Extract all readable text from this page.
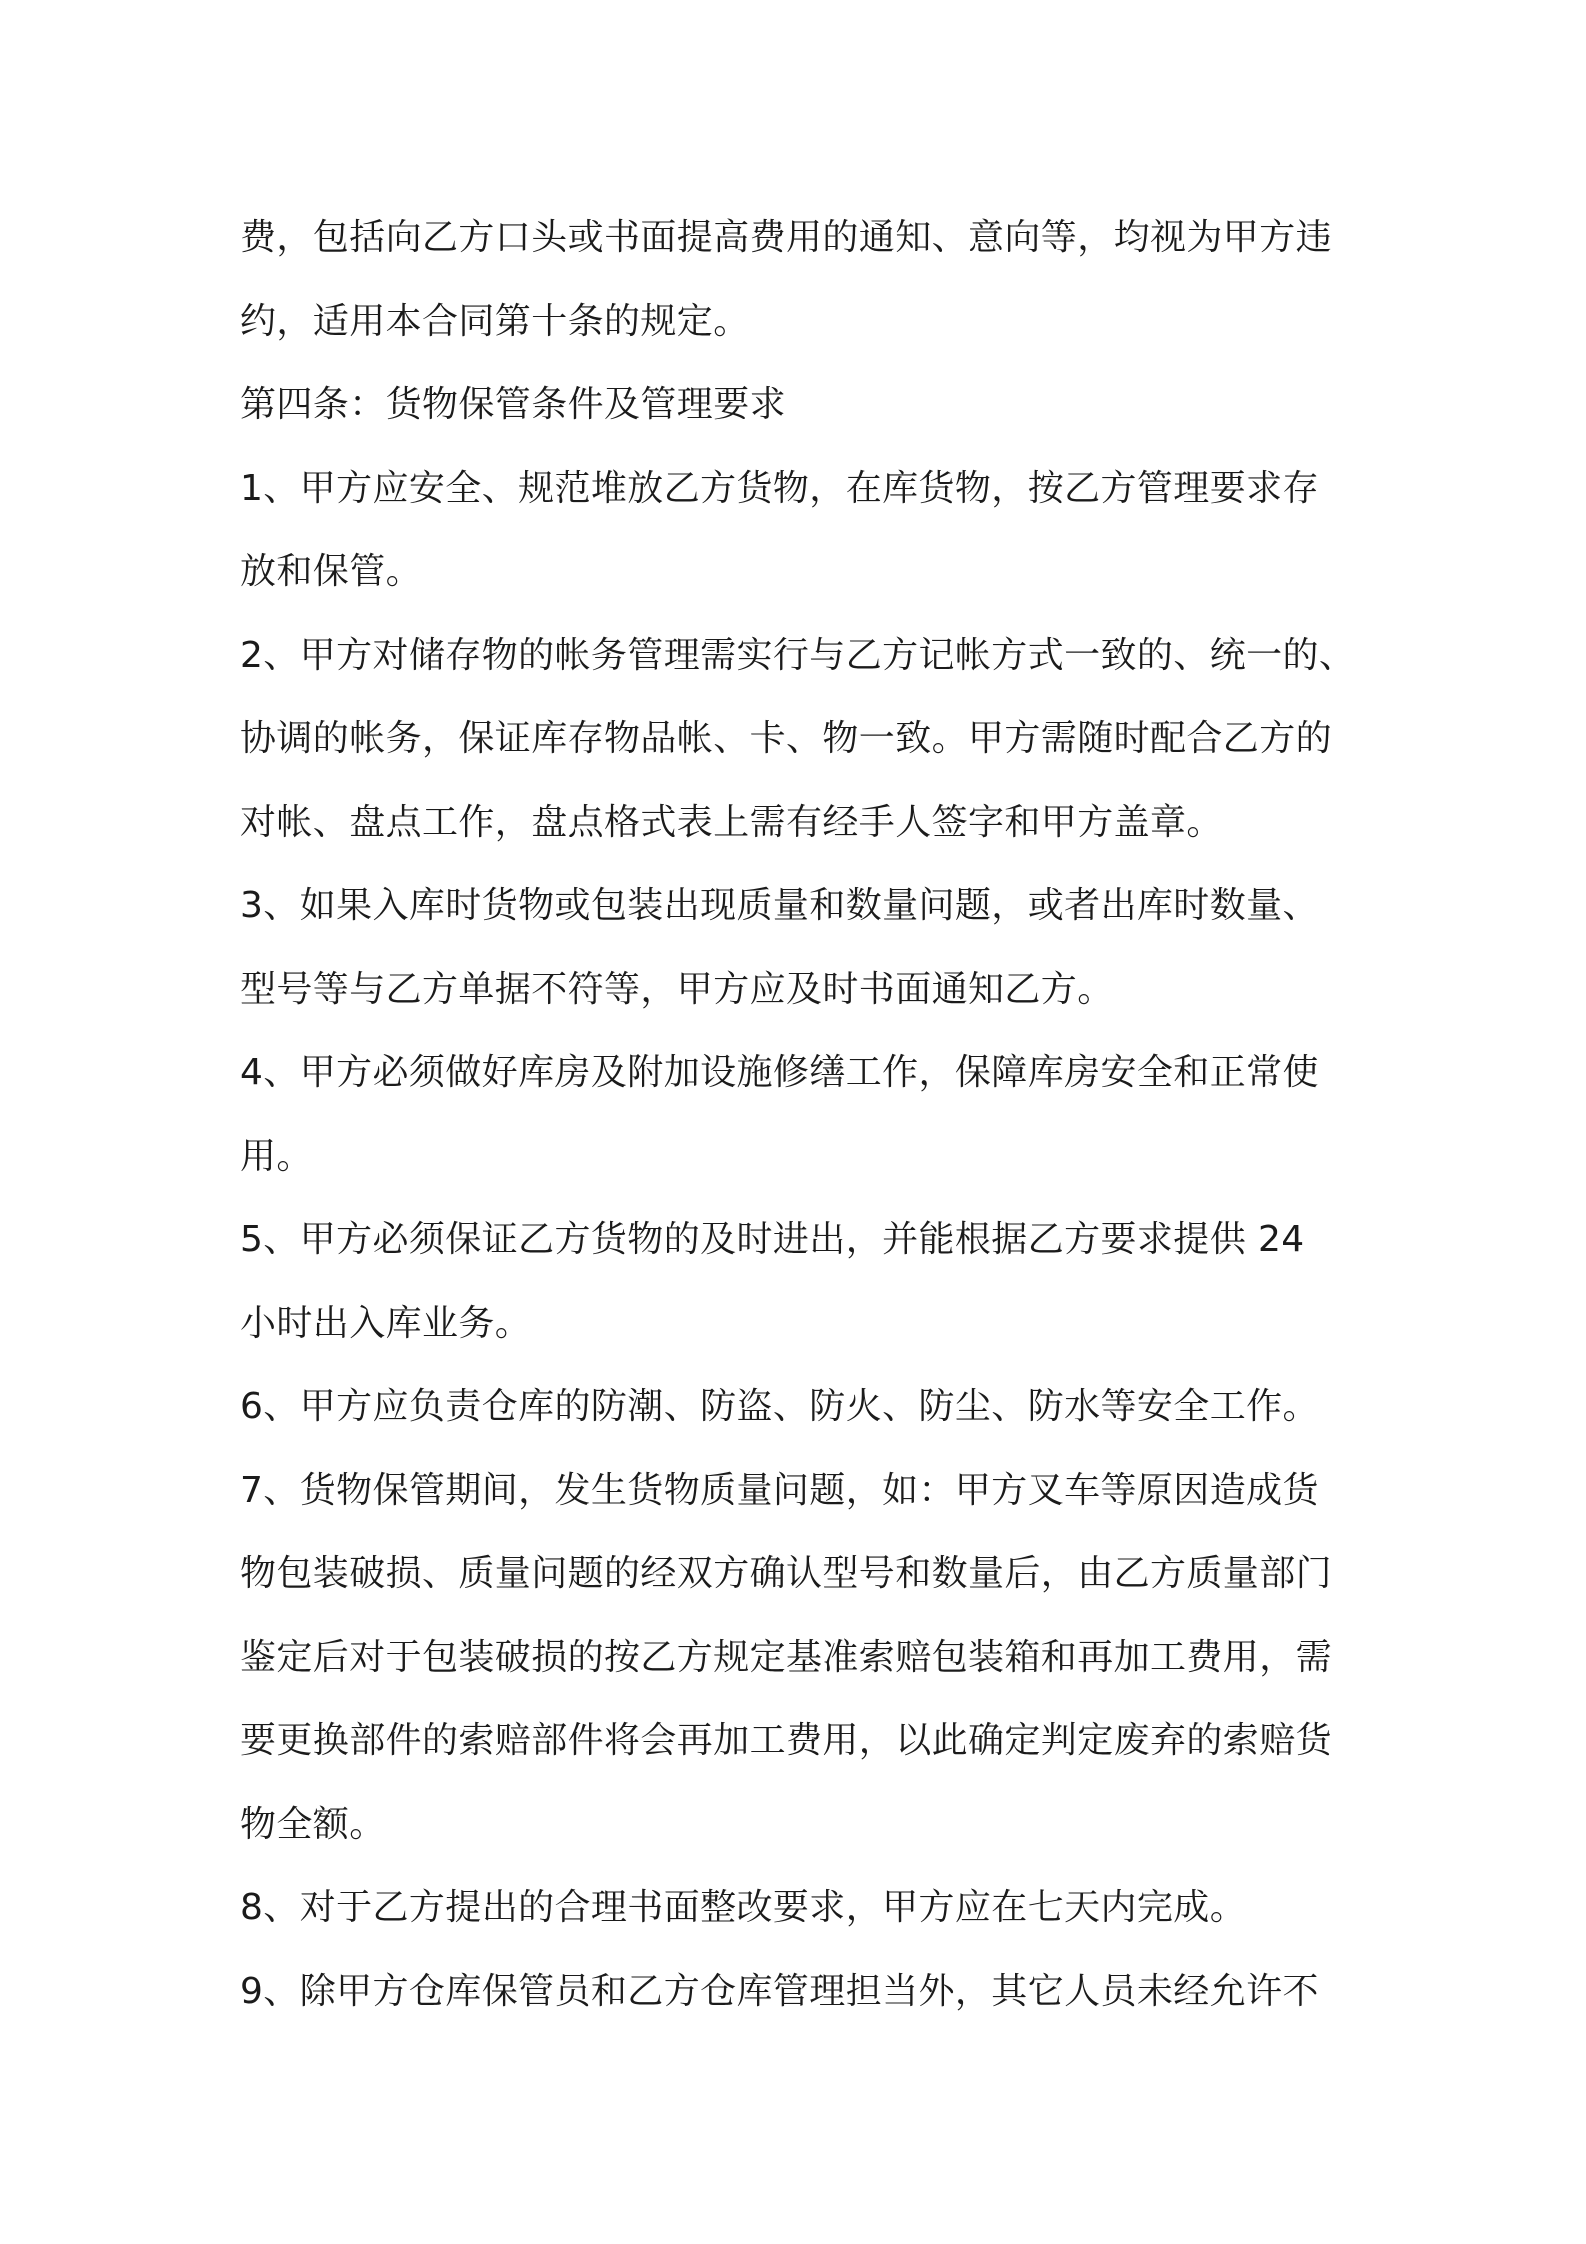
费，包括向乙方口头或书面提高费用的通知、意向等，均视为甲方违
约，适用本合同第十条的规定。
第四条：货物保管条件及管理要求
1、甲方应安全、规范堆放乙方货物，在库货物，按乙方管理要求存
放和保管。
2、甲方对储存物的帐务管理需实行与乙方记帐方式一致的、统一的、
协调的帐务，保证库存物品帐、卡、物一致。甲方需随时配合乙方的
对帐、盘点工作，盘点格式表上需有经手人签字和甲方盖章。
3、如果入库时货物或包装出现质量和数量问题，或者出库时数量、
型号等与乙方单据不符等，甲方应及时书面通知乙方。
4、甲方必须做好库房及附加设施修缮工作，保障库房安全和正常使
用。
5、甲方必须保证乙方货物的及时进出，并能根据乙方要求提供 24
小时出入库业务。
6、甲方应负责仓库的防潮、防盗、防火、防尘、防水等安全工作。
7、货物保管期间，发生货物质量问题，如：甲方叉车等原因造成货
物包装破损、质量问题的经双方确认型号和数量后，由乙方质量部门
鉴定后对于包装破损的按乙方规定基准索赔包装箱和再加工费用，需
要更换部件的索赔部件将会再加工费用，以此确定判定废弃的索赔货
物全额。
8、对于乙方提出的合理书面整改要求，甲方应在七天内完成。
9、除甲方仓库保管员和乙方仓库管理担当外，其它人员未经允许不
